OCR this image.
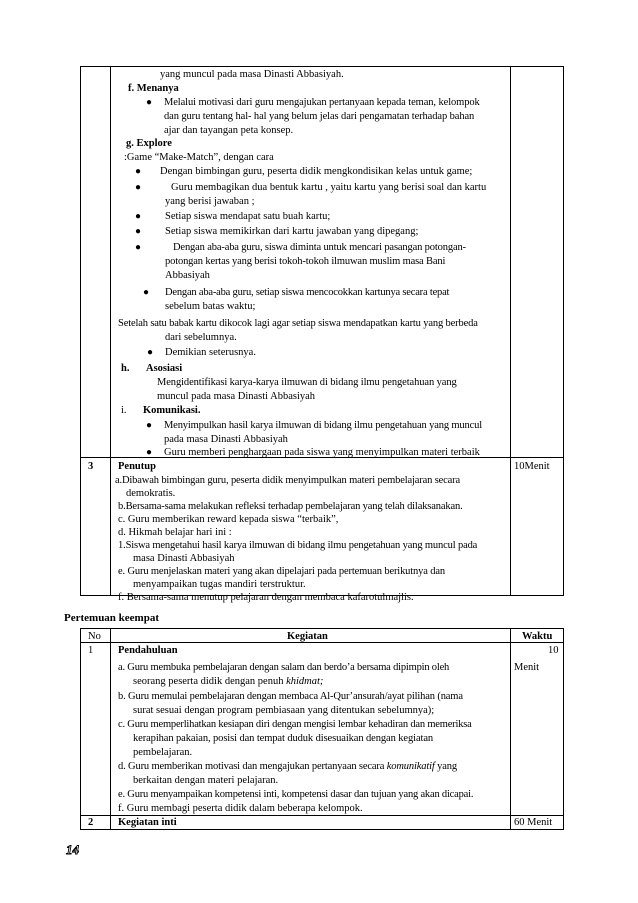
yang muncul pada masa Dinasti Abbasiyah.
f. Menanya
● Melalui motivasi dari guru mengajukan pertanyaan kepada teman, kelompok
dan guru tentang hal- hal yang belum jelas dari pengamatan terhadap bahan
ajar dan tayangan peta konsep.
g. Explore
:Game “Make-Match”, dengan cara
● Dengan bimbingan guru, peserta didik mengkondisikan kelas untuk game;
●	Guru membagikan dua bentuk kartu , yaitu kartu yang berisi soal dan kartu
yang berisi jawaban ;
● Setiap siswa mendapat satu buah kartu;
● Setiap siswa memikirkan dari kartu jawaban yang dipegang;
●	Dengan aba-aba guru, siswa diminta untuk mencari pasangan potongan-
potongan kertas yang berisi tokoh-tokoh ilmuwan muslim masa Bani
Abbasiyah
● Dengan aba-aba guru, setiap siswa mencocokkan kartunya secara tepat
sebelum batas waktu;
Setelah satu babak kartu dikocok lagi agar setiap siswa mendapatkan kartu yang berbeda
dari sebelumnya.
● Demikian seterusnya.
h. Asosiasi
Mengidentifikasi karya-karya ilmuwan di bidang ilmu pengetahuan yang
muncul pada masa Dinasti Abbasiyah
i. Komunikasi.
● Menyimpulkan hasil karya ilmuwan di bidang ilmu pengetahuan yang muncul
pada masa Dinasti Abbasiyah
● Guru memberi penghargaan pada siswa yang menyimpulkan materi terbaik
3 Penutup	10Menit
a.Dibawah bimbingan guru, peserta didik menyimpulkan materi pembelajaran secara
demokratis.
b.Bersama-sama melakukan refleksi terhadap pembelajaran yang telah dilaksanakan.
c. Guru memberikan reward kepada siswa “terbaik”,
d. Hikmah belajar hari ini :
1.Siswa mengetahui hasil karya ilmuwan di bidang ilmu pengetahuan yang muncul pada
masa Dinasti Abbasiyah
e. Guru menjelaskan materi yang akan dipelajari pada pertemuan berikutnya dan
menyampaikan tugas mandiri terstruktur.
f. Bersama-sama menutup pelajaran dengan membaca kafarotulmajlis.
Pertemuan keempat
No	Kegiatan	Waktu
1 Pendahuluan	10
Menit
a. Guru membuka pembelajaran dengan salam dan berdo’a bersama dipimpin oleh
seorang peserta didik dengan penuh khidmat;
b. Guru memulai pembelajaran dengan membaca Al-Qur’ansurah/ayat pilihan (nama
surat sesuai dengan program pembiasaan yang ditentukan sebelumnya);
c. Guru memperlihatkan kesiapan diri dengan mengisi lembar kehadiran dan memeriksa
kerapihan pakaian, posisi dan tempat duduk disesuaikan dengan kegiatan
pembelajaran.
d. Guru memberikan motivasi dan mengajukan pertanyaan secara komunikatif yang
berkaitan dengan materi pelajaran.
e. Guru menyampaikan kompetensi inti, kompetensi dasar dan tujuan yang akan dicapai.
f. Guru membagi peserta didik dalam beberapa kelompok.
2 Kegiatan inti	60 Menit
14
